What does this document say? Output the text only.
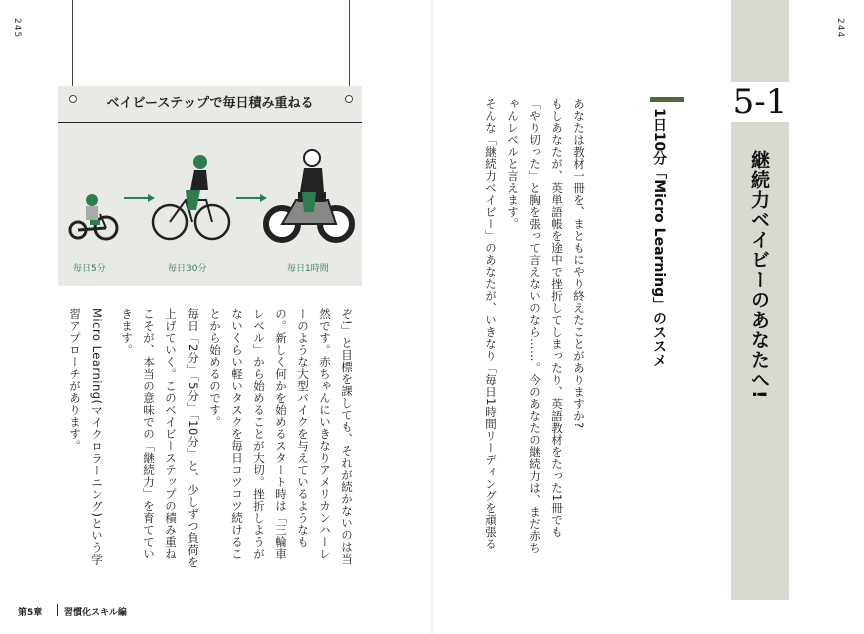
245	244
ベイビーステップで毎日積み重ねる
毎日5分	毎日30分	毎日1時間
5-1
継続力ベイビーのあなたへ!
1日10分「Micro Learning」のススメ

あなたは教材一冊を、まともにやり終えたことがありますか?

もしあなたが、英単語帳を途中で挫折してしまったり、英語教材をたった1冊でも「やり切った」と胸を張って言えないのなら……。今のあなたの継続力は、まだ赤ちゃんレベルと言えます。

そんな「継続力ベイビー」のあなたが、いきなり「毎日1時間リーディングを頑張る

ぞ!」と目標を課しても、それが続かないのは当然です。赤ちゃんにいきなりアメリカンハーレーのような大型バイクを与えているようなもの。新しく何かを始めるスタート時は「三輪車レベル」から始めることが大切。挫折しようがないくらい軽いタスクを毎日コツコツ続けることから始めるのです。

毎日「2分」「5分」「10分」と、少しずつ負荷を上げていく。このベイビーステップの積み重ねこそが、本当の意味での「継続力」を育てていきます。

Micro Learning(マイクロラーニング)という学習アプローチがあります。

第5章 習慣化スキル編
